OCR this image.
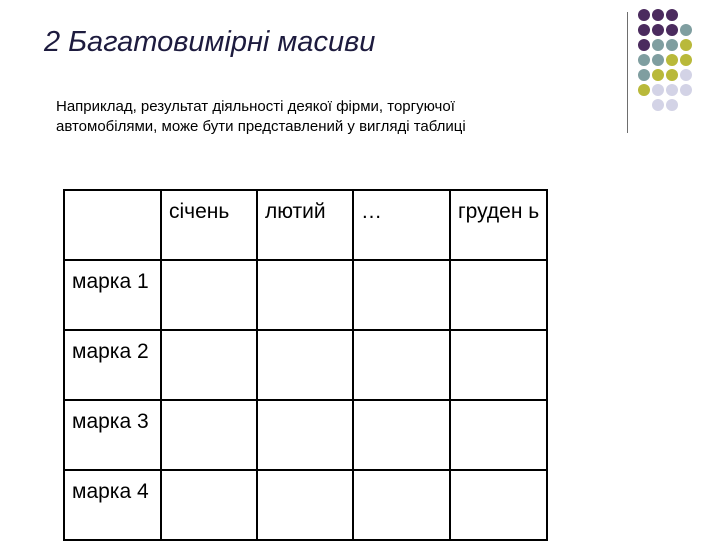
2 Багатовимірні масиви
Наприклад, результат діяльності деякої фірми, торгуючої
автомобілями, може бути представлений у вигляді таблиці
	січень	лютий	…	груден ь
марка 1				
марка 2				
марка 3				
марка 4				
